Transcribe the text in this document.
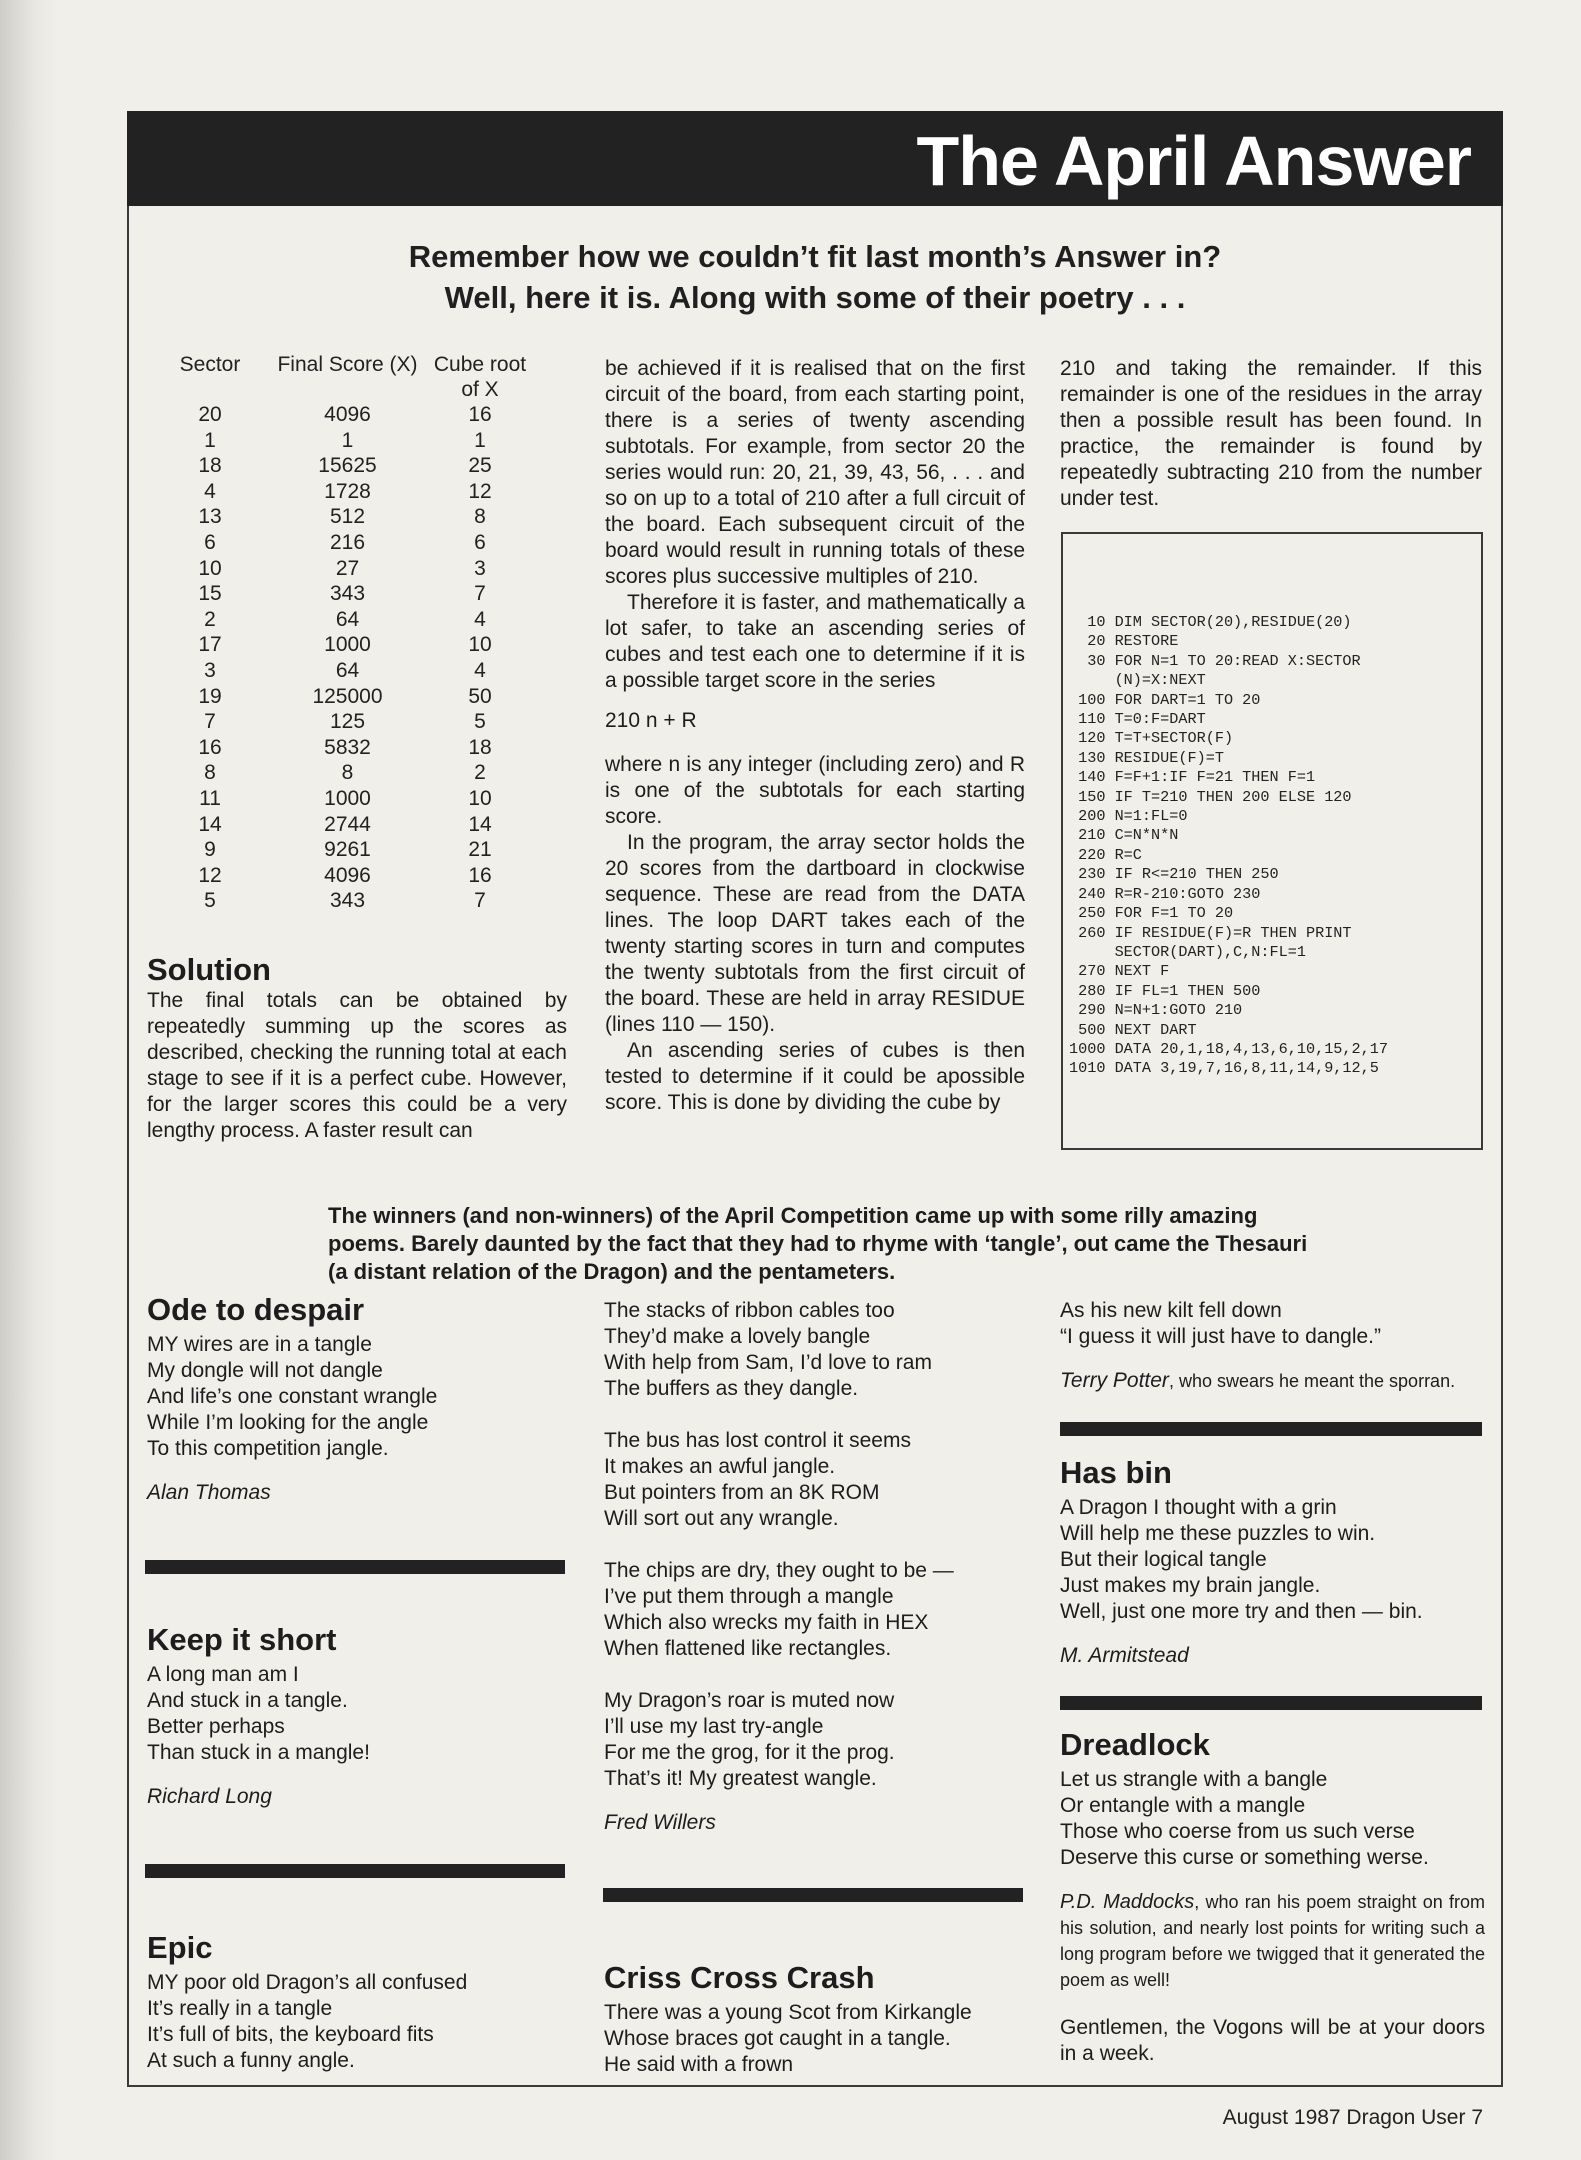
The April Answer

Remember how we couldn’t fit last month’s Answer in?
Well, here it is. Along with some of their poetry . . .

Sector	Final Score (X)	Cube root of X
20	4096	16
1	1	1
18	15625	25
4	1728	12
13	512	8
6	216	6
10	27	3
15	343	7
2	64	4
17	1000	10
3	64	4
19	125000	50
7	125	5
16	5832	18
8	8	2
11	1000	10
14	2744	14
9	9261	21
12	4096	16
5	343	7
Solution

The final totals can be obtained by repeatedly summing up the scores as described, checking the running total at each stage to see if it is a perfect cube. However, for the larger scores this could be a very lengthy process. A faster result can

be achieved if it is realised that on the first circuit of the board, from each starting point, there is a series of twenty ascending subtotals. For example, from sector 20 the series would run: 20, 21, 39, 43, 56, . . . and so on up to a total of 210 after a full circuit of the board. Each subsequent circuit of the board would result in running totals of these scores plus successive multiples of 210.

Therefore it is faster, and mathematically a lot safer, to take an ascending series of cubes and test each one to determine if it is a possible target score in the series

210 n + R

where n is any integer (including zero) and R is one of the subtotals for each starting score.

In the program, the array sector holds the 20 scores from the dartboard in clockwise sequence. These are read from the DATA lines. The loop DART takes each of the twenty starting scores in turn and computes the twenty subtotals from the first circuit of the board. These are held in array RESIDUE (lines 110 — 150).

An ascending series of cubes is then tested to determine if it could be apossible score. This is done by dividing the cube by

210 and taking the remainder. If this remainder is one of the residues in the array then a possible result has been found. In practice, the remainder is found by repeatedly subtracting 210 from the number under test.

10 DIM SECTOR(20),RESIDUE(20)
20 RESTORE
30 FOR N=1 TO 20:READ X:SECTOR
(N)=X:NEXT
100 FOR DART=1 TO 20
110 T=0:F=DART
120 T=T+SECTOR(F)
130 RESIDUE(F)=T
140 F=F+1:IF F=21 THEN F=1
150 IF T=210 THEN 200 ELSE 120
200 N=1:FL=0
210 C=N*N*N
220 R=C
230 IF R<=210 THEN 250
240 R=R-210:GOTO 230
250 FOR F=1 TO 20
260 IF RESIDUE(F)=R THEN PRINT
SECTOR(DART),C,N:FL=1
270 NEXT F
280 IF FL=1 THEN 500
290 N=N+1:GOTO 210
500 NEXT DART
1000 DATA 20,1,18,4,13,6,10,15,2,17
1010 DATA 3,19,7,16,8,11,14,9,12,5

The winners (and non-winners) of the April Competition came up with some rilly amazing poems. Barely daunted by the fact that they had to rhyme with ‘tangle’, out came the Thesauri (a distant relation of the Dragon) and the pentameters.

Ode to despair

MY wires are in a tangle
My dongle will not dangle
And life’s one constant wrangle
While I’m looking for the angle
To this competition jangle.

Alan Thomas

Keep it short

A long man am I
And stuck in a tangle.
Better perhaps
Than stuck in a mangle!

Richard Long

Epic

MY poor old Dragon’s all confused
It’s really in a tangle
It’s full of bits, the keyboard fits
At such a funny angle.

The stacks of ribbon cables too
They’d make a lovely bangle
With help from Sam, I’d love to ram
The buffers as they dangle.

The bus has lost control it seems
It makes an awful jangle.
But pointers from an 8K ROM
Will sort out any wrangle.

The chips are dry, they ought to be —
I’ve put them through a mangle
Which also wrecks my faith in HEX
When flattened like rectangles.

My Dragon’s roar is muted now
I’ll use my last try-angle
For me the grog, for it the prog.
That’s it! My greatest wangle.

Fred Willers

Criss Cross Crash

There was a young Scot from Kirkangle
Whose braces got caught in a tangle.
He said with a frown

As his new kilt fell down
“I guess it will just have to dangle.”

Terry Potter, who swears he meant the sporran.

Has bin

A Dragon I thought with a grin
Will help me these puzzles to win.
But their logical tangle
Just makes my brain jangle.
Well, just one more try and then — bin.

M. Armitstead

Dreadlock

Let us strangle with a bangle
Or entangle with a mangle
Those who coerse from us such verse
Deserve this curse or something werse.

P.D. Maddocks, who ran his poem straight on from his solution, and nearly lost points for writing such a long program before we twigged that it generated the poem as well!

Gentlemen, the Vogons will be at your doors in a week.

August 1987 Dragon User 7
